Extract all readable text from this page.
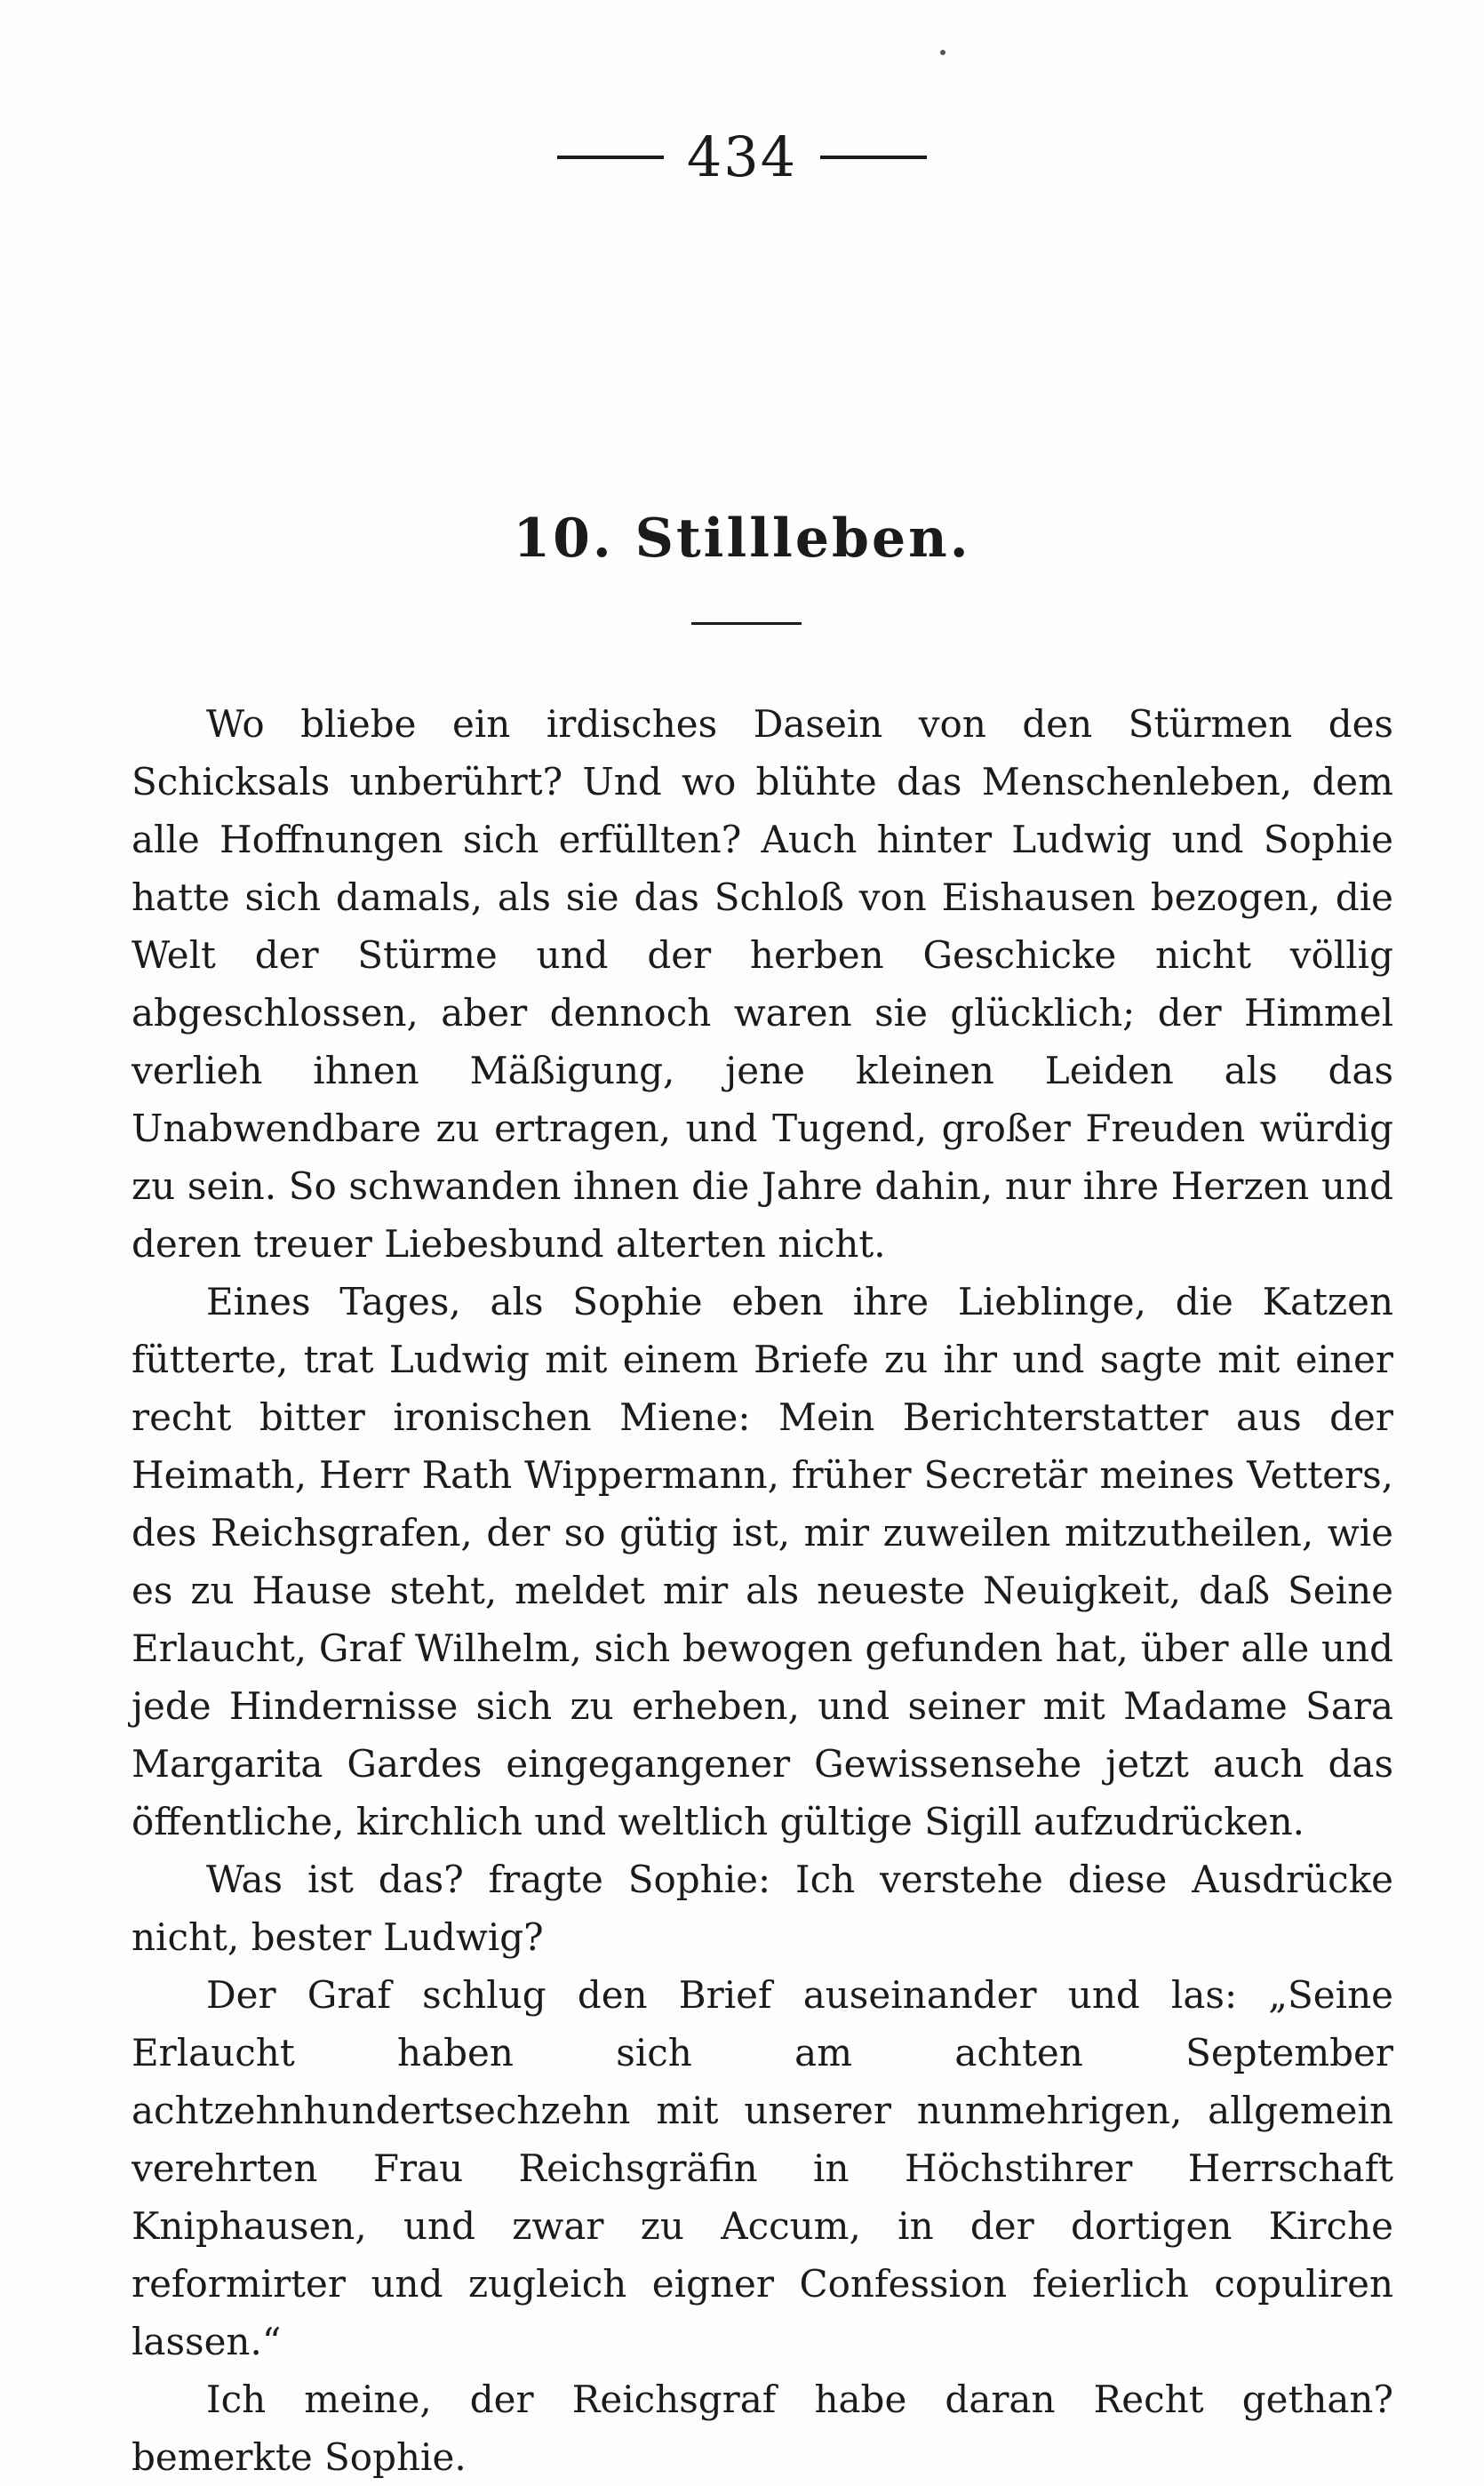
434
10. Stillleben.

Wo bliebe ein irdisches Dasein von den Stürmen des Schicksals unberührt? Und wo blühte das Menschenleben, dem alle Hoffnungen sich erfüllten? Auch hinter Ludwig und Sophie hatte sich damals, als sie das Schloß von Eishausen bezogen, die Welt der Stürme und der herben Geschicke nicht völlig abgeschlossen, aber dennoch waren sie glücklich; der Himmel verlieh ihnen Mäßigung, jene kleinen Leiden als das Unabwendbare zu ertragen, und Tugend, großer Freuden würdig zu sein. So schwanden ihnen die Jahre dahin, nur ihre Herzen und deren treuer Liebesbund alterten nicht.

Eines Tages, als Sophie eben ihre Lieblinge, die Katzen fütterte, trat Ludwig mit einem Briefe zu ihr und sagte mit einer recht bitter ironischen Miene: Mein Berichterstatter aus der Heimath, Herr Rath Wippermann, früher Secretär meines Vetters, des Reichsgrafen, der so gütig ist, mir zuweilen mitzutheilen, wie es zu Hause steht, meldet mir als neueste Neuigkeit, daß Seine Erlaucht, Graf Wilhelm, sich bewogen gefunden hat, über alle und jede Hindernisse sich zu erheben, und seiner mit Madame Sara Margarita Gardes eingegangener Gewissensehe jetzt auch das öffentliche, kirchlich und weltlich gültige Sigill aufzudrücken.

Was ist das? fragte Sophie: Ich verstehe diese Ausdrücke nicht, bester Ludwig?

Der Graf schlug den Brief auseinander und las: „Seine Erlaucht haben sich am achten September achtzehnhundertsechzehn mit unserer nunmehrigen, allgemein verehrten Frau Reichsgräfin in Höchstihrer Herrschaft Kniphausen, und zwar zu Accum, in der dortigen Kirche reformirter und zugleich eigner Confession feierlich copuliren lassen.“

Ich meine, der Reichsgraf habe daran Recht gethan? bemerkte Sophie.
